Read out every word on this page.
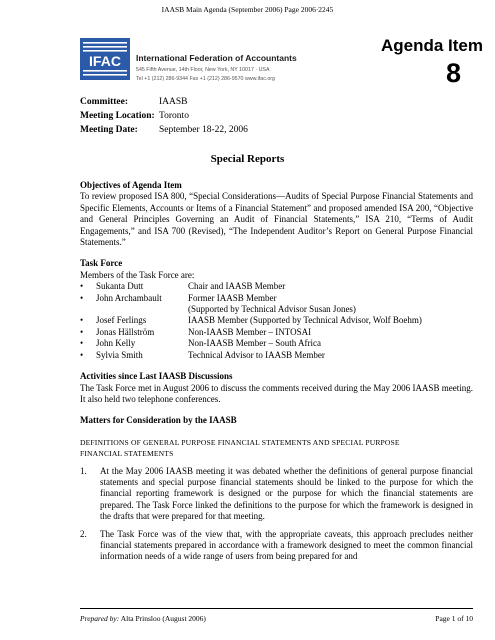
IAASB Main Agenda (September 2006) Page 2006·2245
IFAC International Federation of Accountants
545 Fifth Avenue, 14th Floor, New York, NY 10017 · USA
Tel +1 (212) 286-9344 Fax +1 (212) 286-9570 www.ifac.org
Agenda Item
8
Committee:	IAASB
Meeting Location: Toronto
Meeting Date:	September 18-22, 2006
Special Reports
Objectives of Agenda Item

To review proposed ISA 800, “Special Considerations—Audits of Special Purpose Financial Statements and Specific Elements, Accounts or Items of a Financial Statement” and proposed amended ISA 200, “Objective and General Principles Governing an Audit of Financial Statements,” ISA 210, “Terms of Audit Engagements,” and ISA 700 (Revised), “The Independent Auditor’s Report on General Purpose Financial Statements.”

Task Force

Members of the Task Force are:

•	Sukanta Dutt	Chair and IAASB Member
•	John Archambault	Former IAASB Member
(Supported by Technical Advisor Susan Jones)
•	Josef Ferlings	IAASB Member (Supported by Technical Advisor, Wolf Boehm)
•	Jonas Hällström	Non-IAASB Member – INTOSAI
•	John Kelly	Non-IAASB Member – South Africa
•	Sylvia Smith	Technical Advisor to IAASB Member
Activities since Last IAASB Discussions

The Task Force met in August 2006 to discuss the comments received during the May 2006 IAASB meeting. It also held two telephone conferences.

Matters for Consideration by the IAASB
DEFINITIONS OF GENERAL PURPOSE FINANCIAL STATEMENTS AND SPECIAL PURPOSE
FINANCIAL STATEMENTS
1.	At the May 2006 IAASB meeting it was debated whether the definitions of general purpose financial statements and special purpose financial statements should be linked to the purpose for which the financial reporting framework is designed or the purpose for which the financial statements are prepared. The Task Force linked the definitions to the purpose for which the framework is designed in the drafts that were prepared for that meeting.
2.	The Task Force was of the view that, with the appropriate caveats, this approach precludes neither financial statements prepared in accordance with a framework designed to meet the common financial information needs of a wide range of users from being prepared for and
Prepared by: Alta Prinsloo (August 2006)	Page 1 of 10
